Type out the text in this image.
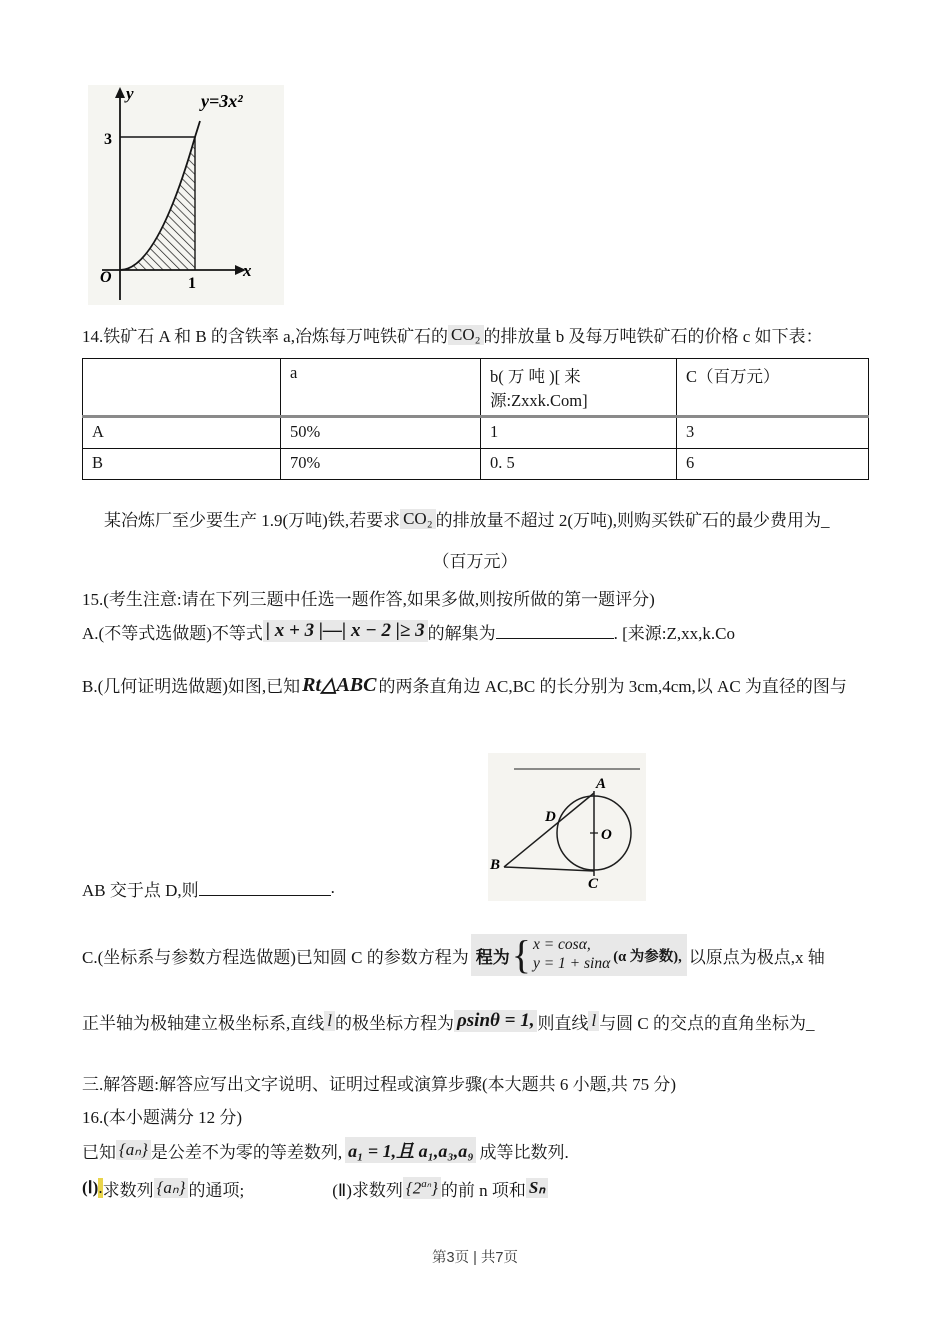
y
x
O
3
1
y=3x²
14.铁矿石 A 和 B 的含铁率 a,冶炼每万吨铁矿石的 CO₂ 的排放量 b 及每万吨铁矿石的价格 c 如下表：
	a	b( 万 吨 )[ 来源:Zxxk.Com]	C（百万元）
A	50%	1	3
B	70%	0. 5	6
某冶炼厂至少要生产 1.9(万吨)铁,若要求 CO₂ 的排放量不超过 2(万吨),则购买铁矿石的最少费用为_
（百万元）
15.(考生注意:请在下列三题中任选一题作答,如果多做,则按所做的第一题评分)
A.(不等式选做题)不等式 | x + 3 |—| x − 2 |≥ 3 的解集为	. [来源:Z,xx,k.Co
B.(几何证明选做题)如图,已知 Rt△ABC 的两条直角边 AC,BC 的长分别为 3cm,4cm,以 AC 为直径的图与
A
D
O
B
C
AB 交于点 D,则	.
C.(坐标系与参数方程选做题)已知圆 C 的参数方程为 程为 { x = cosα,
y = 1 + sinα (α 为参数), 以原点为极点,x 轴
正半轴为极轴建立极坐标系,直线 l 的极坐标方程为 ρsinθ = 1, 则直线 l 与圆 C 的交点的直角坐标为_
三.解答题:解答应写出文字说明、证明过程或演算步骤(本大题共 6 小题,共 75 分)
16.(本小题满分 12 分)
已知 {aₙ} 是公差不为零的等差数列, a₁ = 1,且 a₁,a₃,a₉ 成等比数列.
(Ⅰ) . 求数列 {aₙ} 的通项;	(Ⅱ)求数列 $\{2^{a_n}\}$ 的前 n 项和 Sₙ
第3页 | 共7页
